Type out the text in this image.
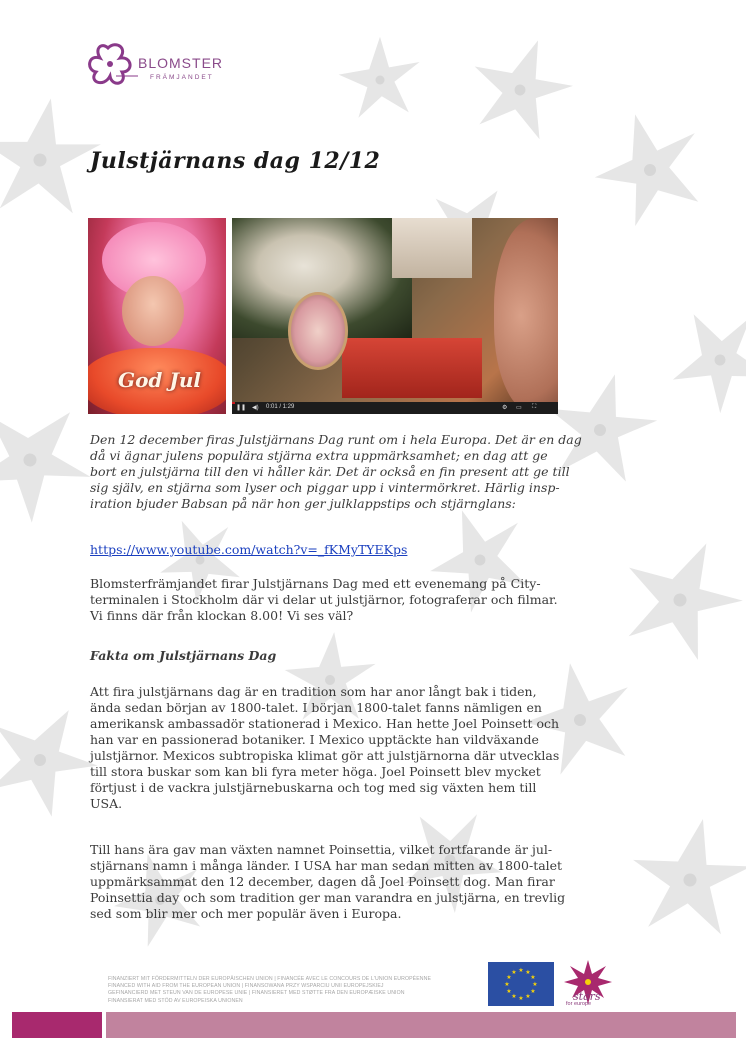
BLOMSTER
FRÄMJANDET
Julstjärnans dag 12/12
God Jul
❚❚ ◀) 0:01 / 1:29	⚙ ▭ ⛶

Den 12 december firas Julstjärnans Dag runt om i hela Europa. Det är en dag
då vi ägnar julens populära stjärna extra uppmärksamhet; en dag att ge
bort en julstjärna till den vi håller kär. Det är också en fin present att ge till
sig själv, en stjärna som lyser och piggar upp i vintermörkret. Härlig insp-
iration bjuder Babsan på när hon ger julklappstips och stjärnglans:

https://www.youtube.com/watch?v=_fKMyTYEKps

Blomsterfrämjandet firar Julstjärnans Dag med ett evenemang på City-
terminalen i Stockholm där vi delar ut julstjärnor, fotograferar och filmar.
Vi finns där från klockan 8.00! Vi ses väl?

Fakta om Julstjärnans Dag

Att fira julstjärnans dag är en tradition som har anor långt bak i tiden,
ända sedan början av 1800-talet. I början 1800-talet fanns nämligen en
amerikansk ambassadör stationerad i Mexico. Han hette Joel Poinsett och
han var en passionerad botaniker. I Mexico upptäckte han vildväxande
julstjärnor. Mexicos subtropiska klimat gör att julstjärnorna där utvecklas
till stora buskar som kan bli fyra meter höga. Joel Poinsett blev mycket
förtjust i de vackra julstjärnebuskarna och tog med sig växten hem till
USA.

Till hans ära gav man växten namnet Poinsettia, vilket fortfarande är jul-
stjärnans namn i många länder. I USA har man sedan mitten av 1800-talet
uppmärksammat den 12 december, dagen då Joel Poinsett dog. Man firar
Poinsettia day och som tradition ger man varandra en julstjärna, en trevlig
sed som blir mer och mer populär även i Europa.

FINANZIERT MIT FÖRDERMITTELN DER EUROPÄISCHEN UNION | FINANCÉE AVEC LE CONCOURS DE L'UNION EUROPÉENNE
FINANCED WITH AID FROM THE EUROPEAN UNION | FINANSOWANA PRZY WSPARCIU UNII EUROPEJSKIEJ
GEFINANCIERD MET STEUN VAN DE EUROPESE UNIE | FINANSIERET MED STØTTE FRA DEN EUROPÆISKE UNION
FINANSIERAT MED STÖD AV EUROPEISKA UNIONEN
★ ★
★
★
★
★
★
★
★
★
★
★
stars
for europe
